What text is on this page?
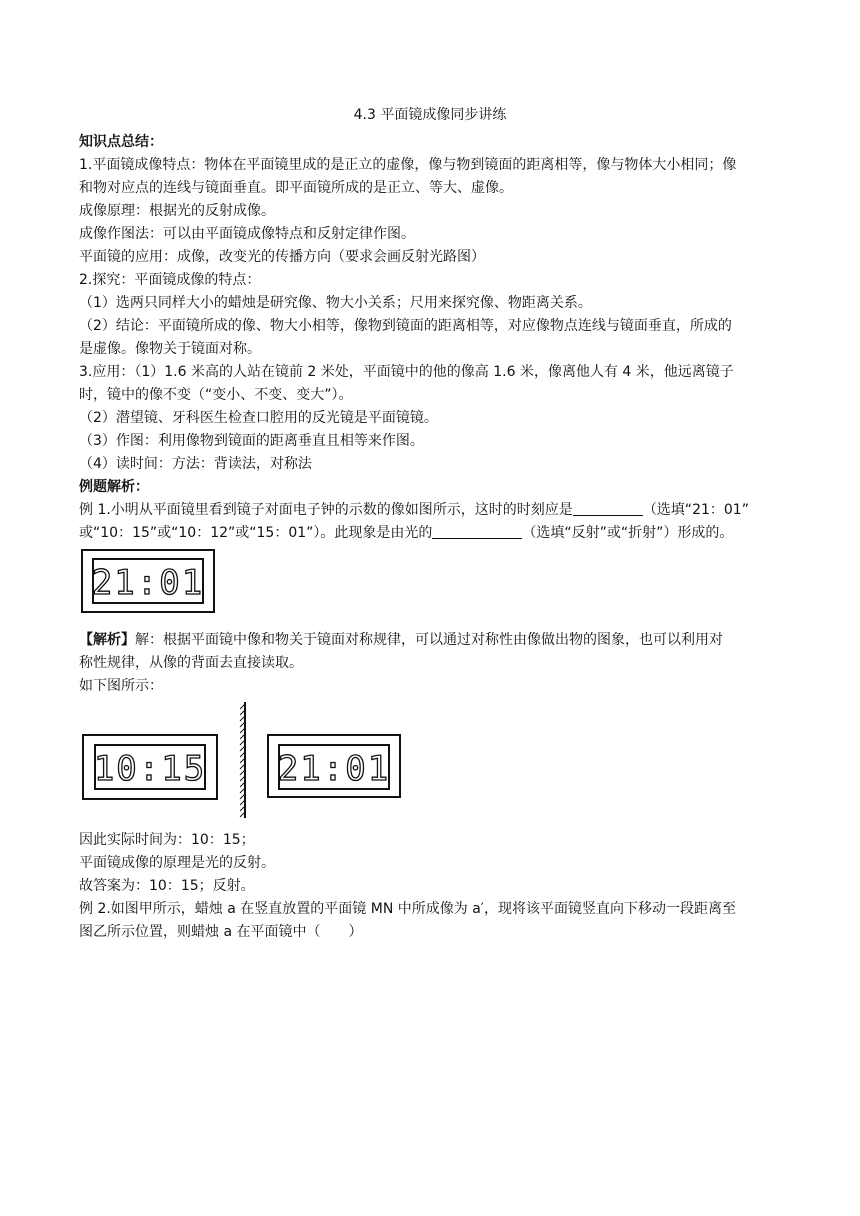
4.3 平面镜成像同步讲练
知识点总结：
1.平面镜成像特点：物体在平面镜里成的是正立的虚像，像与物到镜面的距离相等，像与物体大小相同；像
和物对应点的连线与镜面垂直。即平面镜所成的是正立、等大、虚像。
成像原理：根据光的反射成像。
成像作图法：可以由平面镜成像特点和反射定律作图。
平面镜的应用：成像，改变光的传播方向（要求会画反射光路图）
2.探究：平面镜成像的特点：
（1）选两只同样大小的蜡烛是研究像、物大小关系；尺用来探究像、物距离关系。
（2）结论：平面镜所成的像、物大小相等，像物到镜面的距离相等，对应像物点连线与镜面垂直，所成的
是虚像。像物关于镜面对称。
3.应用：（1）1.6 米高的人站在镜前 2 米处，平面镜中的他的像高 1.6 米，像离他人有 4 米，他远离镜子
时，镜中的像不变（“变小、不变、变大”）。
（2）潜望镜、牙科医生检查口腔用的反光镜是平面镜镜。
（3）作图：利用像物到镜面的距离垂直且相等来作图。
（4）读时间：方法：背读法，对称法
例题解析：
例 1.小明从平面镜里看到镜子对面电子钟的示数的像如图所示，这时的时刻应是	（选填“21：01”
或“10：15”或“10：12”或“15：01”）。此现象是由光的	（选填“反射”或“折射”）形成的。
21:01
【解析】解：根据平面镜中像和物关于镜面对称规律，可以通过对称性由像做出物的图象，也可以利用对
称性规律，从像的背面去直接读取。
如下图所示：
10:15 21:01
因此实际时间为：10：15；
平面镜成像的原理是光的反射。
故答案为：10：15；反射。
例 2.如图甲所示，蜡烛 a 在竖直放置的平面镜 MN 中所成像为 a′，现将该平面镜竖直向下移动一段距离至
图乙所示位置，则蜡烛 a 在平面镜中（　　）
